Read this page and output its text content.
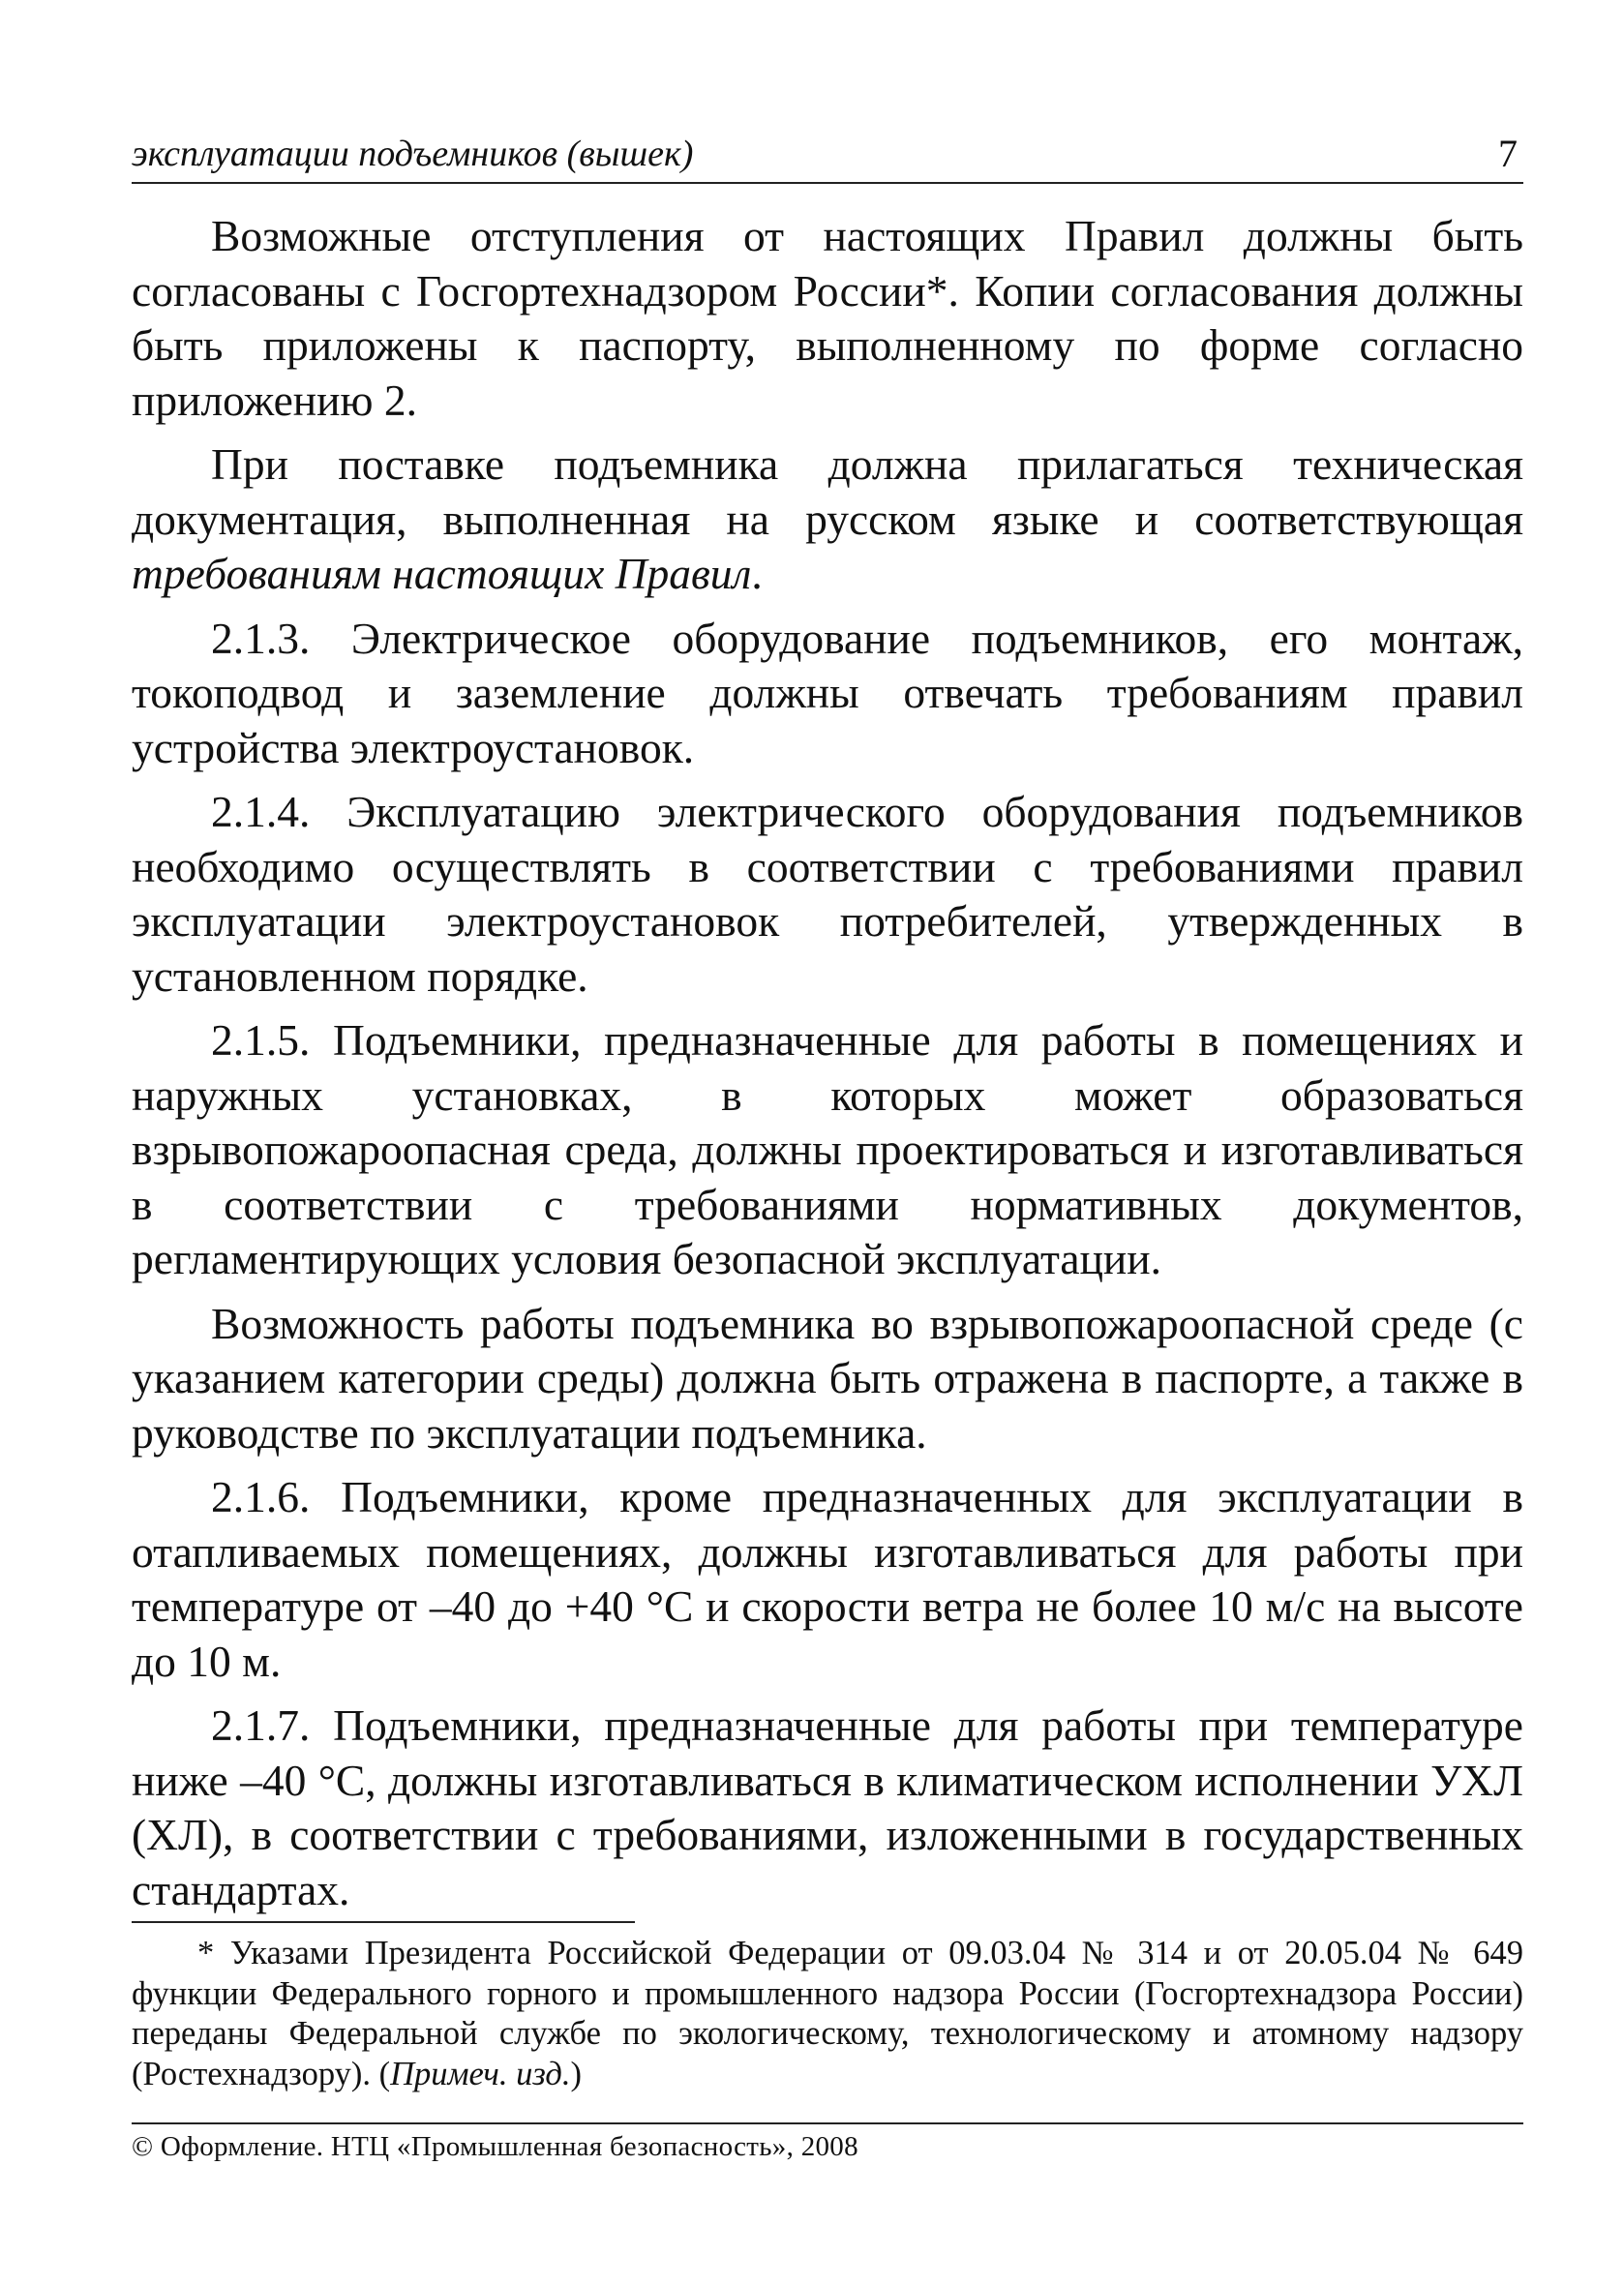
эксплуатации подъемников (вышек)	7

Возможные отступления от настоящих Правил должны быть согласованы с Госгортехнадзором России*. Копии согласования должны быть приложены к паспорту, выполненному по форме согласно приложению 2.

При поставке подъемника должна прилагаться техническая документация, выполненная на русском языке и соответствующая требованиям настоящих Правил.

2.1.3. Электрическое оборудование подъемников, его монтаж, токоподвод и заземление должны отвечать требованиям правил устройства электроустановок.

2.1.4. Эксплуатацию электрического оборудования подъемников необходимо осуществлять в соответствии с требованиями правил эксплуатации электроустановок потребителей, утвержденных в установленном порядке.

2.1.5. Подъемники, предназначенные для работы в помещениях и наружных установках, в которых может образоваться взрывопожароопасная среда, должны проектироваться и изготавливаться в соответствии с требованиями нормативных документов, регламентирующих условия безопасной эксплуатации.

Возможность работы подъемника во взрывопожароопасной среде (с указанием категории среды) должна быть отражена в паспорте, а также в руководстве по эксплуатации подъемника.

2.1.6. Подъемники, кроме предназначенных для эксплуатации в отапливаемых помещениях, должны изготавливаться для работы при температуре от –40 до +40 °С и скорости ветра не более 10 м/с на высоте до 10 м.

2.1.7. Подъемники, предназначенные для работы при температуре ниже –40 °С, должны изготавливаться в климатическом исполнении УХЛ (ХЛ), в соответствии с требованиями, изложенными в государственных стандартах.

* Указами Президента Российской Федерации от 09.03.04 № 314 и от 20.05.04 № 649 функции Федерального горного и промышленного надзора России (Госгортехнадзора России) переданы Федеральной службе по экологическому, технологическому и атомному надзору (Ростехнадзору). (Примеч. изд.)

© Оформление. НТЦ «Промышленная безопасность», 2008
